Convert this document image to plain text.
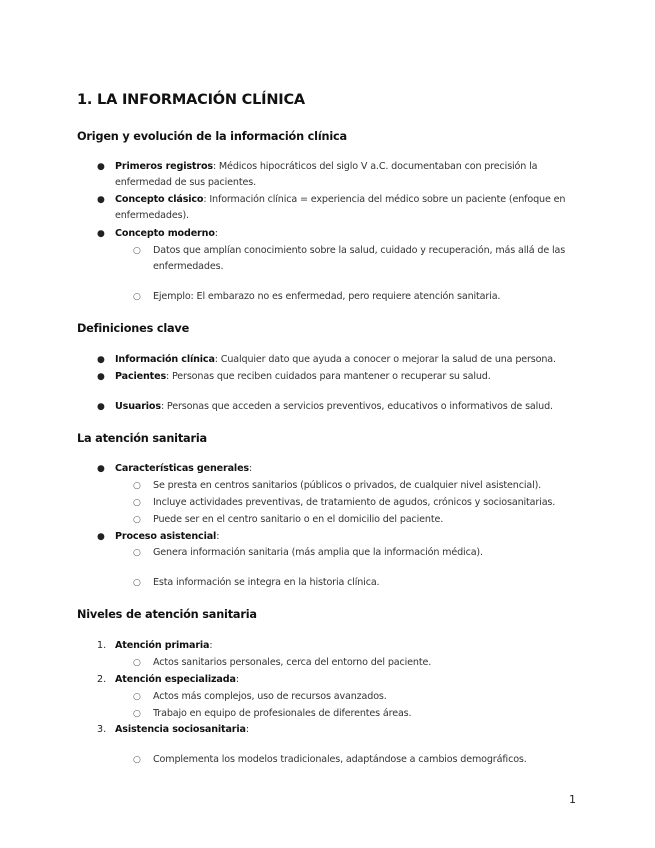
1. LA INFORMACIÓN CLÍNICA
Origen y evolución de la información clínica
● Primeros registros: Médicos hipocráticos del siglo V a.C. documentaban con precisión la
enfermedad de sus pacientes.
● Concepto clásico: Información clínica = experiencia del médico sobre un paciente (enfoque en
enfermedades).
● Concepto moderno:
○ Datos que amplían conocimiento sobre la salud, cuidado y recuperación, más allá de las
enfermedades.
○ Ejemplo: El embarazo no es enfermedad, pero requiere atención sanitaria.
Definiciones clave
● Información clínica: Cualquier dato que ayuda a conocer o mejorar la salud de una persona.
● Pacientes: Personas que reciben cuidados para mantener o recuperar su salud.
● Usuarios: Personas que acceden a servicios preventivos, educativos o informativos de salud.
La atención sanitaria
● Características generales:
○ Se presta en centros sanitarios (públicos o privados, de cualquier nivel asistencial).
○ Incluye actividades preventivas, de tratamiento de agudos, crónicos y sociosanitarias.
○ Puede ser en el centro sanitario o en el domicilio del paciente.
● Proceso asistencial:
○ Genera información sanitaria (más amplia que la información médica).
○ Esta información se integra en la historia clínica.
Niveles de atención sanitaria
1. Atención primaria:
○ Actos sanitarios personales, cerca del entorno del paciente.
2. Atención especializada:
○ Actos más complejos, uso de recursos avanzados.
○ Trabajo en equipo de profesionales de diferentes áreas.
3. Asistencia sociosanitaria:
○ Complementa los modelos tradicionales, adaptándose a cambios demográficos.
1
